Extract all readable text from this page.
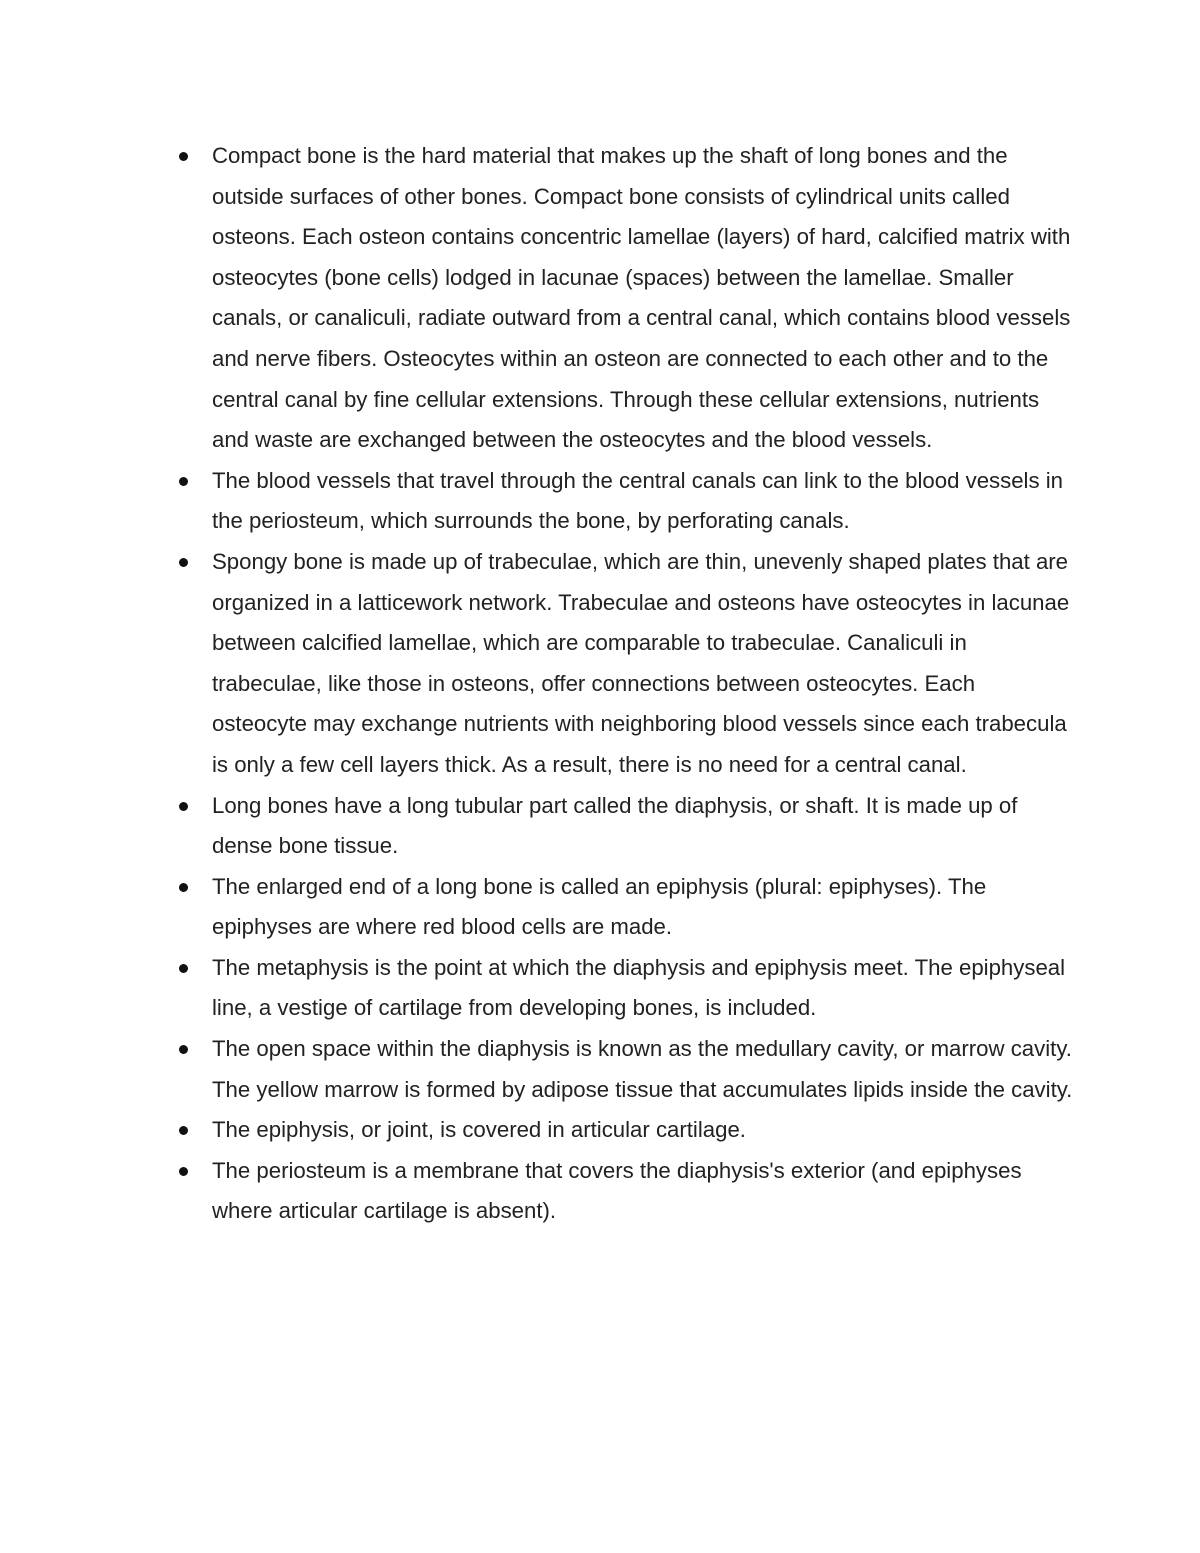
Compact bone is the hard material that makes up the shaft of long bones and the outside surfaces of other bones. Compact bone consists of cylindrical units called osteons. Each osteon contains concentric lamellae (layers) of hard, calcified matrix with osteocytes (bone cells) lodged in lacunae (spaces) between the lamellae. Smaller canals, or canaliculi, radiate outward from a central canal, which contains blood vessels and nerve fibers. Osteocytes within an osteon are connected to each other and to the central canal by fine cellular extensions. Through these cellular extensions, nutrients and waste are exchanged between the osteocytes and the blood vessels.
The blood vessels that travel through the central canals can link to the blood vessels in the periosteum, which surrounds the bone, by perforating canals.
Spongy bone is made up of trabeculae, which are thin, unevenly shaped plates that are organized in a latticework network. Trabeculae and osteons have osteocytes in lacunae between calcified lamellae, which are comparable to trabeculae. Canaliculi in trabeculae, like those in osteons, offer connections between osteocytes. Each osteocyte may exchange nutrients with neighboring blood vessels since each trabecula is only a few cell layers thick. As a result, there is no need for a central canal.
Long bones have a long tubular part called the diaphysis, or shaft. It is made up of dense bone tissue.
The enlarged end of a long bone is called an epiphysis (plural: epiphyses). The epiphyses are where red blood cells are made.
The metaphysis is the point at which the diaphysis and epiphysis meet. The epiphyseal line, a vestige of cartilage from developing bones, is included.
The open space within the diaphysis is known as the medullary cavity, or marrow cavity. The yellow marrow is formed by adipose tissue that accumulates lipids inside the cavity.
The epiphysis, or joint, is covered in articular cartilage.
The periosteum is a membrane that covers the diaphysis's exterior (and epiphyses where articular cartilage is absent).
